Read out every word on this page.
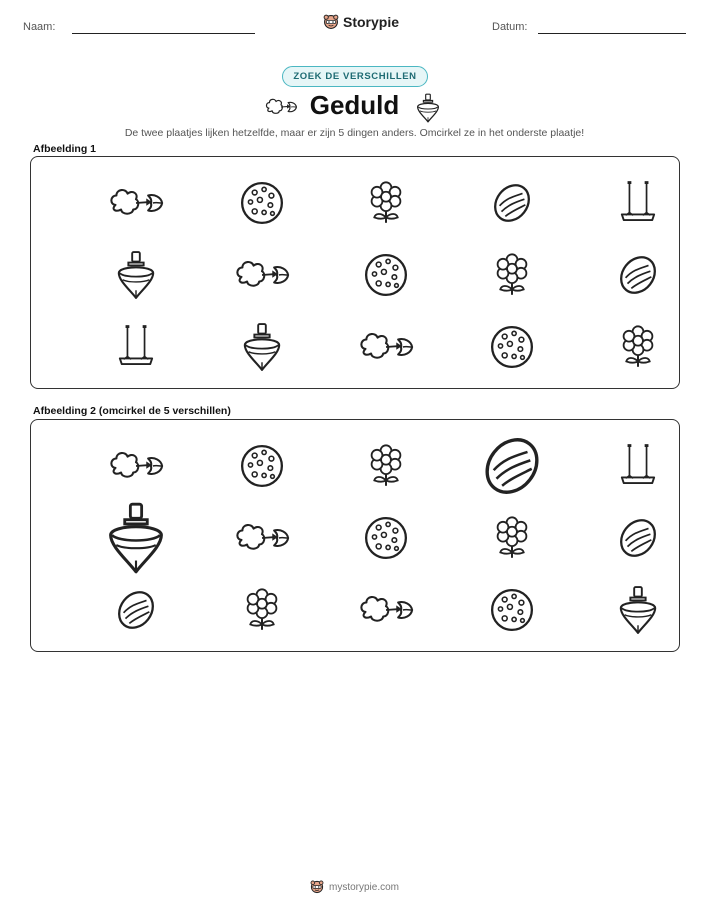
Naam:	Storypie	Datum:
ZOEK DE VERSCHILLEN
Geduld
De twee plaatjes lijken hetzelfde, maar er zijn 5 dingen anders. Omcirkel ze in het onderste plaatje!
Afbeelding 1
Afbeelding 2 (omcirkel de 5 verschillen)
mystorypie.com
